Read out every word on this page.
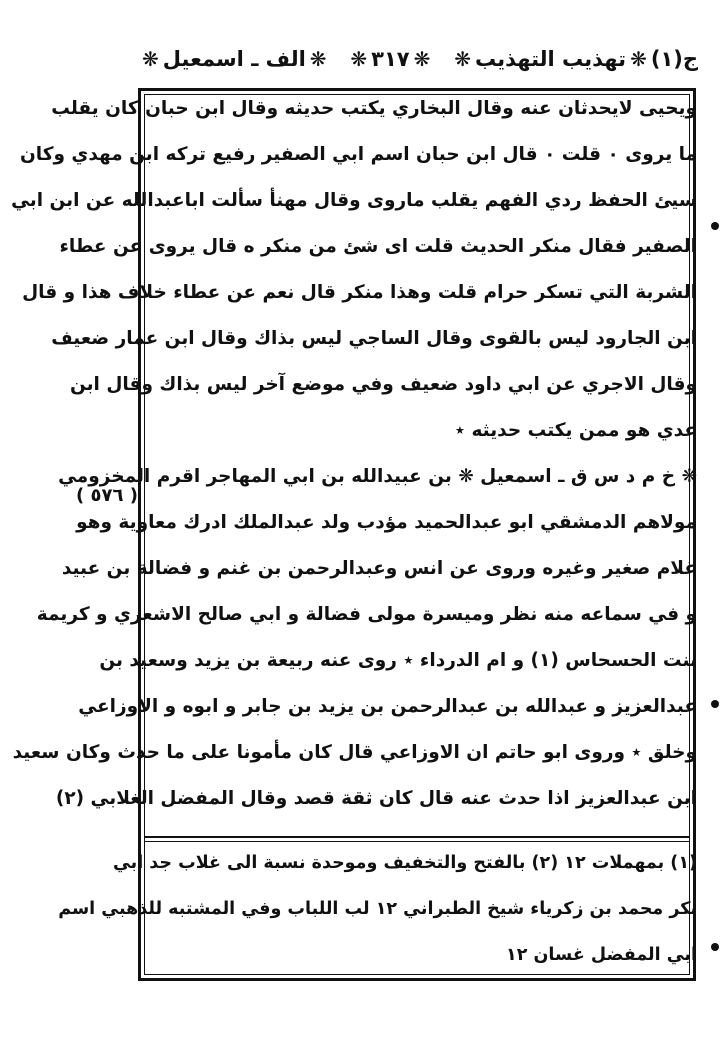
ج(١)
❋
تهذيب التهذيب
❋
❋
٣١٧
❋
❋
الف ـ اسمعيل
❋
ويحيى لايحدثان عنه وقال البخاري يكتب حديثه وقال ابن حبان كان يقلب
ما يروى ٠ قلت ٠ قال ابن حبان اسم ابي الصفير رفيع تركه ابن مهدي وكان
سيئ الحفظ ردي الفهم يقلب ماروى وقال مهنأ سألت اباعبدالله عن ابن ابي
الصفير فقال منكر الحديث قلت اى شئ من منكر ه قال يروى عن عطاء
الشربة التي تسكر حرام قلت وهذا منكر قال نعم عن عطاء خلاف هذا و قال
ابن الجارود ليس بالقوى وقال الساجي ليس بذاك وقال ابن عمار ضعيف
وقال الاجري عن ابي داود ضعيف وفي موضع آخر ليس بذاك وقال ابن
عدي هو ممن يكتب حديثه ٭
❋ خ م د س ق ـ اسمعيل ❋ بن عبيدالله بن ابي المهاجر اقرم المخزومي
مولاهم الدمشقي ابو عبدالحميد مؤدب ولد عبدالملك ادرك معاوية وهو
غلام صغير وغيره وروى عن انس وعبدالرحمن بن غنم و فضالة بن عبيد
و في سماعه منه نظر وميسرة مولى فضالة و ابي صالح الاشعري و كريمة
بنت الحسحاس (١) و ام الدرداء ٭ روى عنه ربيعة بن يزيد وسعيد بن
عبدالعزيز و عبدالله بن عبدالرحمن بن يزيد بن جابر و ابوه و الاوزاعي
وخلق ٭ وروى ابو حاتم ان الاوزاعي قال كان مأمونا على ما حدث وكان سعيد
ابن عبدالعزيز اذا حدث عنه قال كان ثقة قصد وقال المفضل الغلابي (٢)
( ٥٧٦ )
(١) بمهملات ١٢ (٢) بالفتح والتخفيف وموحدة نسبة الى غلاب جد ابي
بكر محمد بن زكرياء شيخ الطبراني ١٢ لب اللباب وفي المشتبه للذهبي اسم
ابي المفضل غسان ١٢
